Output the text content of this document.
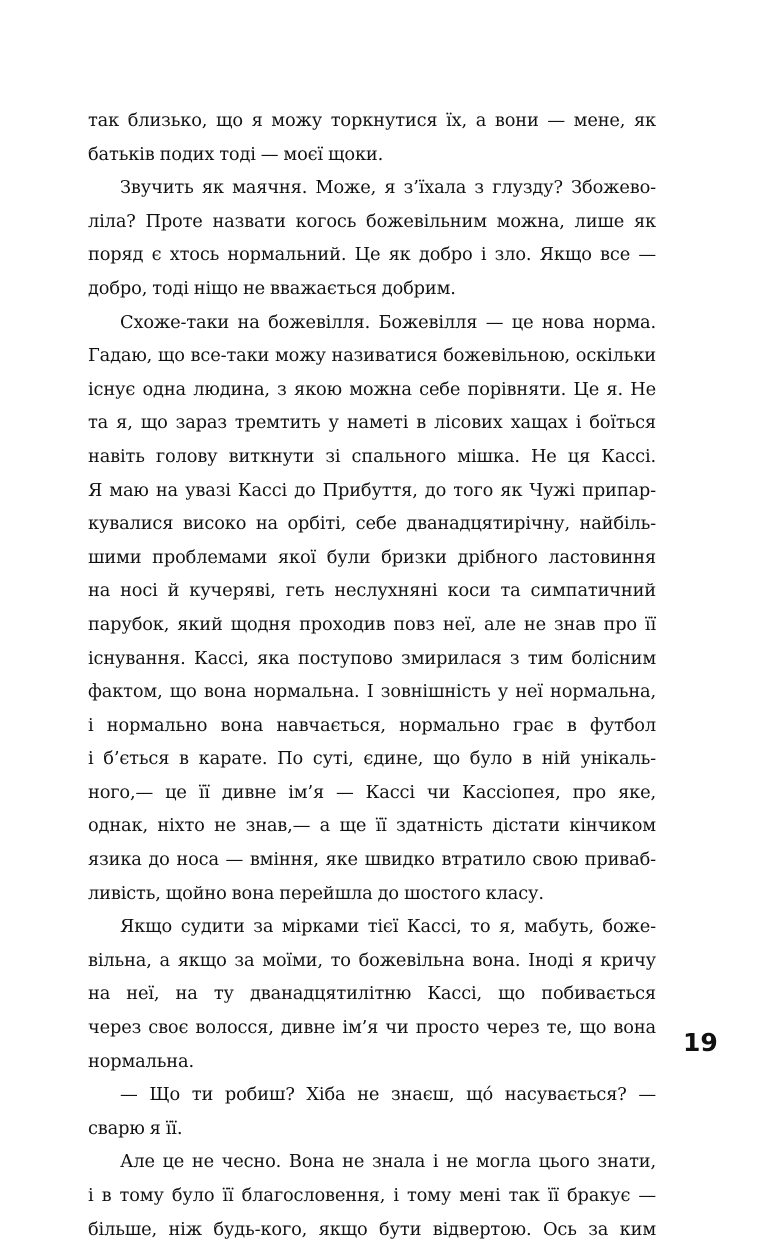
так близько, що я можу торкнутися їх, а вони — мене, як
батьків подих тоді — моєї щоки.
Звучить як маячня. Може, я з’їхала з глузду? Збожево-
ліла? Проте назвати когось божевільним можна, лише як
поряд є хтось нормальний. Це як добро і зло. Якщо все —
добро, тоді ніщо не вважається добрим.
Схоже-таки на божевілля. Божевілля — це нова норма.
Гадаю, що все-таки можу називатися божевільною, оскільки
існує одна людина, з якою можна себе порівняти. Це я. Не
та я, що зараз тремтить у наметі в лісових хащах і боїться
навіть голову виткнути зі спального мішка. Не ця Кассі.
Я маю на увазі Кассі до Прибуття, до того як Чужі припар-
кувалися високо на орбіті, себе дванадцятирічну, найбіль-
шими проблемами якої були бризки дрібного ластовиння
на носі й кучеряві, геть неслухняні коси та симпатичний
парубок, який щодня проходив повз неї, але не знав про її
існування. Кассі, яка поступово змирилася з тим болісним
фактом, що вона нормальна. І зовнішність у неї нормальна,
і нормально вона навчається, нормально грає в футбол
і б’ється в карате. По суті, єдине, що було в ній унікаль-
ного,— це її дивне ім’я — Кассі чи Кассіопея, про яке,
однак, ніхто не знав,— а ще її здатність дістати кінчиком
язика до носа — вміння, яке швидко втратило свою приваб-
ливість, щойно вона перейшла до шостого класу.
Якщо судити за мірками тієї Кассі, то я, мабуть, боже-
вільна, а якщо за моїми, то божевільна вона. Іноді я кричу
на неї, на ту дванадцятилітню Кассі, що побивається
через своє волосся, дивне ім’я чи просто через те, що вона
нормальна.
— Що ти робиш? Хіба не знаєш, щó насувається? —
сварю я її.
Але це не чесно. Вона не знала і не могла цього знати,
і в тому було її благословення, і тому мені так її бракує —
більше, ніж будь-кого, якщо бути відвертою. Ось за ким
19
